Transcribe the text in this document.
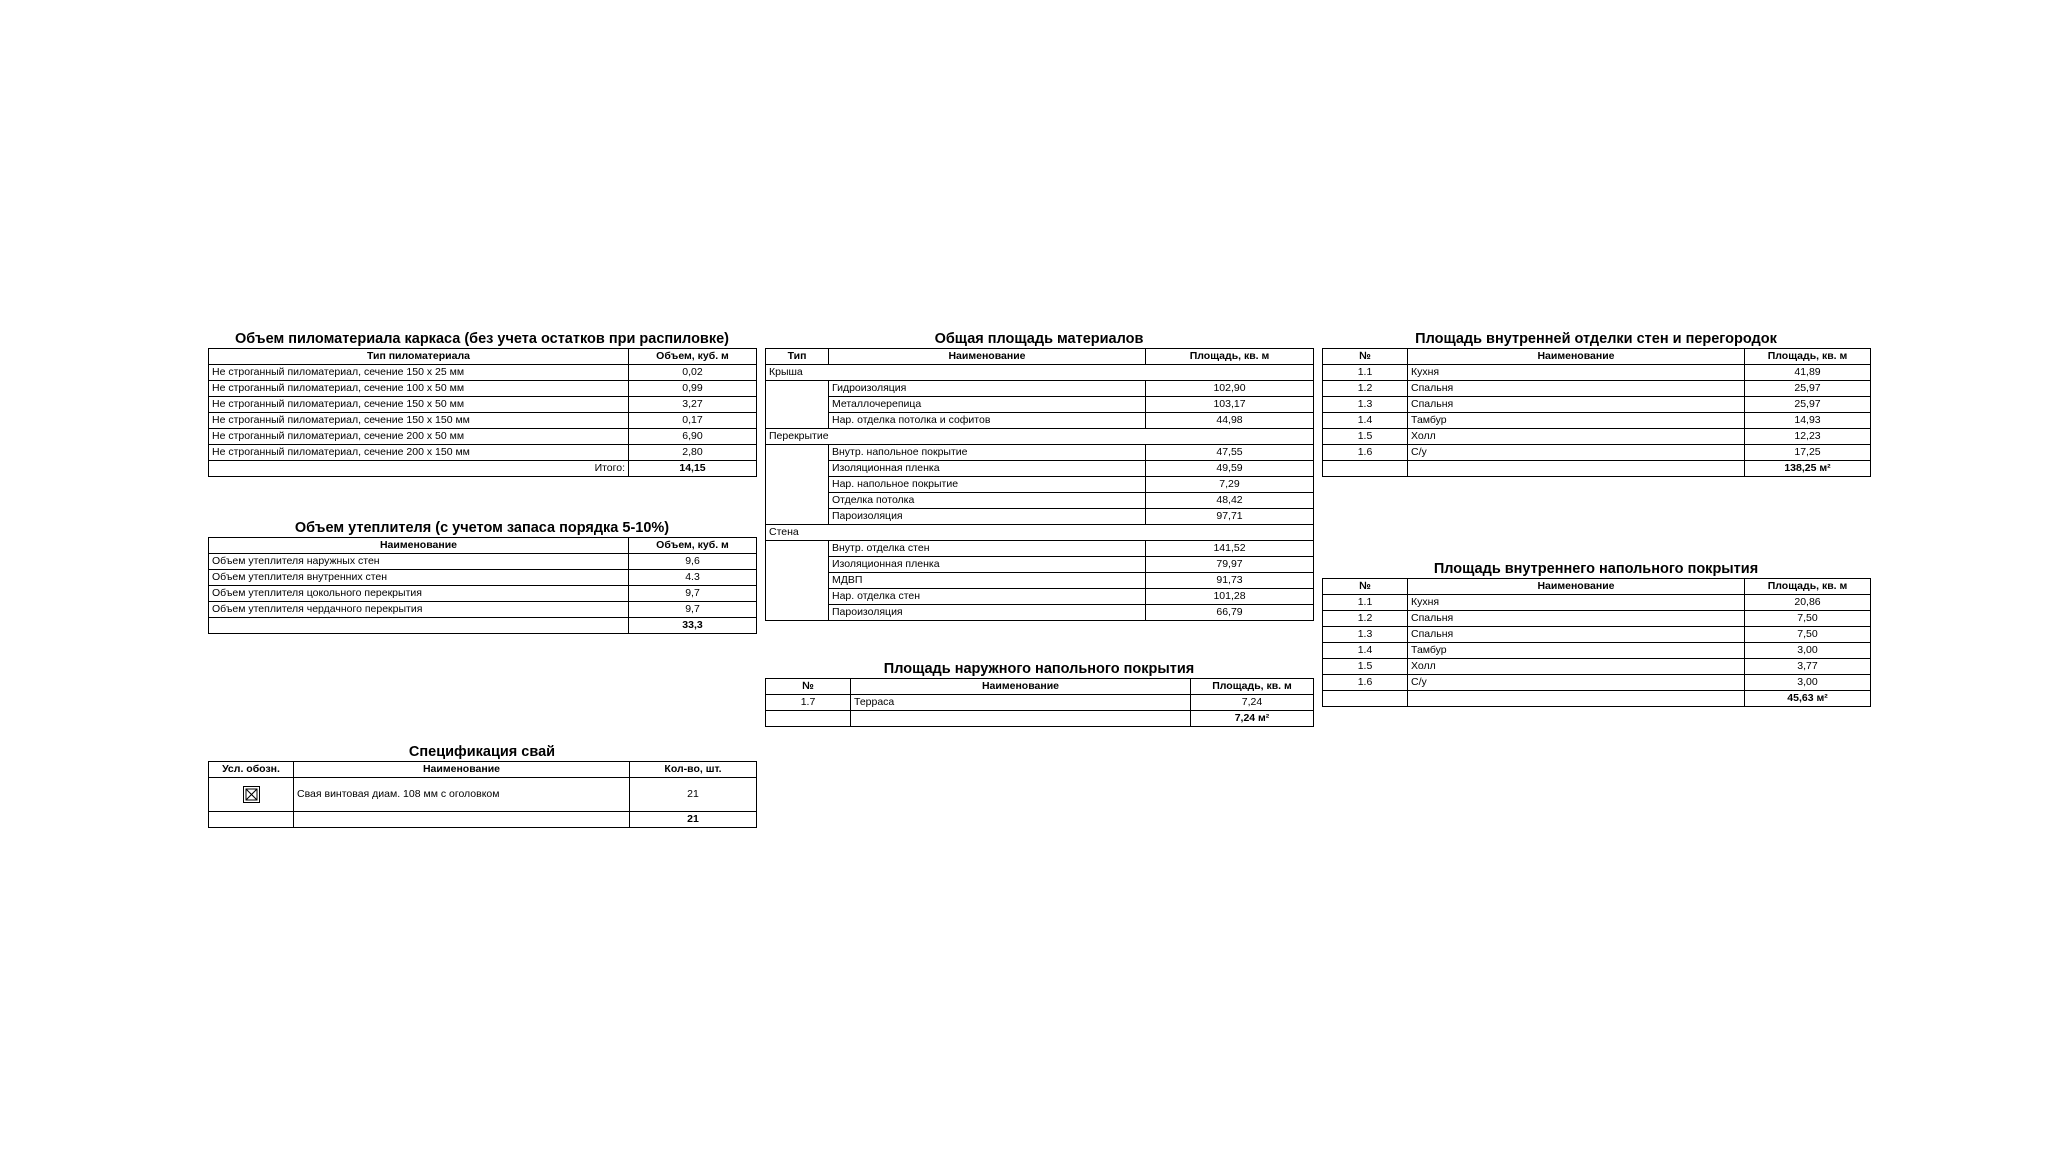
Объем пиломатериала каркаса (без учета остатков при распиловке)
Тип пиломатериала	Объем, куб. м
Не строганный пиломатериал, сечение 150 х 25 мм	0,02
Не строганный пиломатериал, сечение 100 х 50 мм	0,99
Не строганный пиломатериал, сечение 150 х 50 мм	3,27
Не строганный пиломатериал, сечение 150 х 150 мм	0,17
Не строганный пиломатериал, сечение 200 х 50 мм	6,90
Не строганный пиломатериал, сечение 200 х 150 мм	2,80
Итого:	14,15
Объем утеплителя (с учетом запаса порядка 5-10%)
Наименование	Объем, куб. м
Объем утеплителя наружных стен	9,6
Объем утеплителя внутренних стен	4.3
Объем утеплителя цокольного перекрытия	9,7
Объем утеплителя чердачного перекрытия	9,7
	33,3
Спецификация свай
Усл. обозн.	Наименование	Кол-во, шт.
	Свая винтовая диам. 108 мм с оголовком	21
		21
Общая площадь материалов
Тип	Наименование	Площадь, кв. м
Крыша		
	Гидроизоляция	102,90
	Металлочерепица	103,17
	Нар. отделка потолка и софитов	44,98
Перекрытие		
	Внутр. напольное покрытие	47,55
	Изоляционная пленка	49,59
	Нар. напольное покрытие	7,29
	Отделка потолка	48,42
	Пароизоляция	97,71
Стена		
	Внутр. отделка стен	141,52
	Изоляционная пленка	79,97
	МДВП	91,73
	Нар. отделка стен	101,28
	Пароизоляция	66,79
Площадь наружного напольного покрытия
№	Наименование	Площадь, кв. м
1.7	Терраса	7,24
		7,24 м²
Площадь внутренней отделки стен и перегородок
№	Наименование	Площадь, кв. м
1.1	Кухня	41,89
1.2	Спальня	25,97
1.3	Спальня	25,97
1.4	Тамбур	14,93
1.5	Холл	12,23
1.6	С/у	17,25
		138,25 м²
Площадь внутреннего напольного покрытия
№	Наименование	Площадь, кв. м
1.1	Кухня	20,86
1.2	Спальня	7,50
1.3	Спальня	7,50
1.4	Тамбур	3,00
1.5	Холл	3,77
1.6	С/у	3,00
		45,63 м²
